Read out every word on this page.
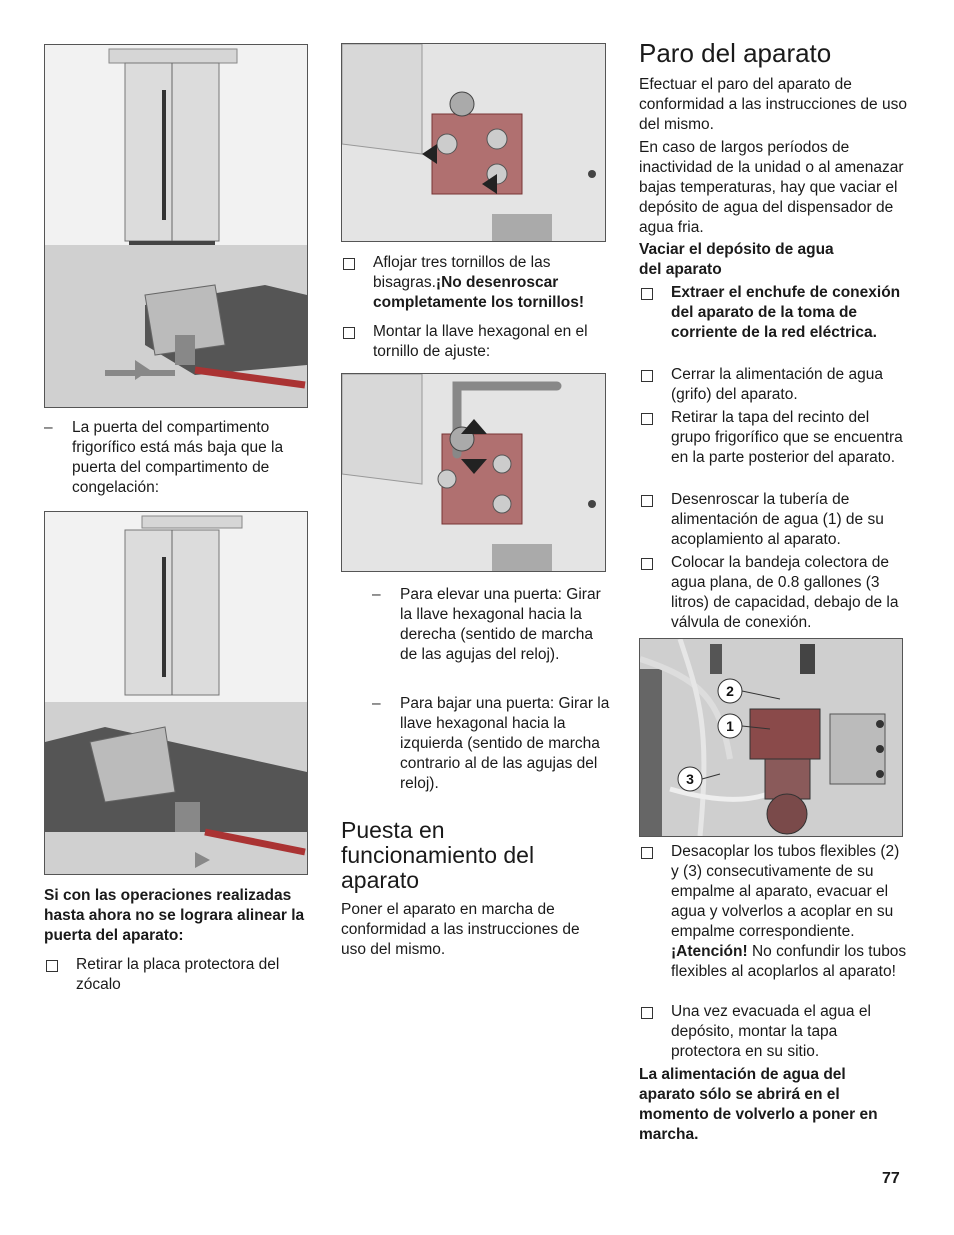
–	La puerta del compartimento frigorífico está más baja que la puerta del compartimento de congelación:
Si con las operaciones realizadas hasta ahora no se lograra alinear la puerta del aparato:
Retirar la placa protectora del zócalo
Aflojar tres tornillos de las bisagras.¡No desenroscar completamente los tornillos!
Montar la llave hexagonal en el tornillo de ajuste:
–	Para elevar una puerta: Girar la llave hexagonal hacia la derecha (sentido de marcha de las agujas del reloj).
–	Para bajar una puerta: Girar la llave hexagonal hacia la izquierda (sentido de marcha contrario al de las agujas del reloj).
Puesta en funcionamiento del aparato
Poner el aparato en marcha de conformidad a las instrucciones de uso del mismo.
Paro del aparato
Efectuar el paro del aparato de conformidad a las instrucciones de uso del mismo.
En caso de largos períodos de inactividad de la unidad o al amenazar bajas temperaturas, hay que vaciar el depósito de agua del dispensador de agua fria.
Vaciar el depósito de agua del aparato
Extraer el enchufe de conexión del aparato de la toma de corriente de la red eléctrica.
Cerrar la alimentación de agua (grifo) del aparato.
Retirar la tapa del recinto del grupo frigorífico que se encuentra en la parte posterior del aparato.
Desenroscar la tubería de alimentación de agua (1) de su acoplamiento al aparato.
Colocar la bandeja colectora de agua plana, de 0.8 gallones (3 litros) de capacidad, debajo de la válvula de conexión.
2
1
3
Desacoplar los tubos flexibles (2) y (3) consecutivamente de su empalme al aparato, evacuar el agua y volverlos a acoplar en su empalme correspondiente. ¡Atención! No confundir los tubos flexibles al acoplarlos al aparato!
Una vez evacuada el agua el depósito, montar la tapa protectora en su sitio.
La alimentación de agua del aparato sólo se abrirá en el momento de volverlo a poner en marcha.
77
